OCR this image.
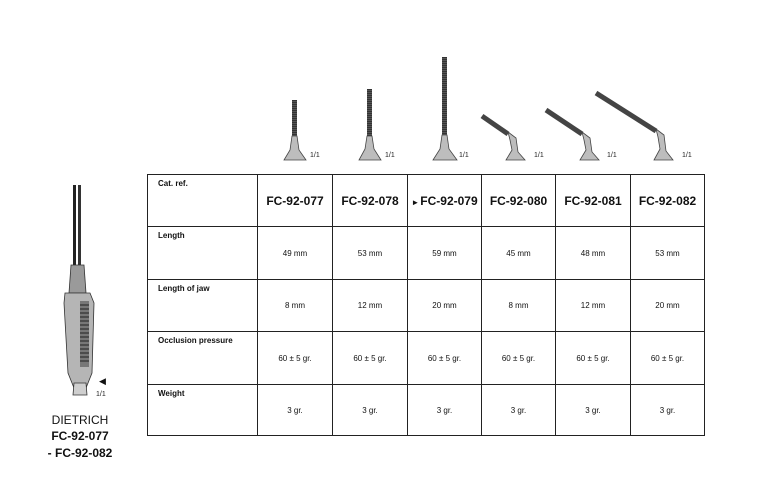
1/1	1/1	1/1	1/1	1/1	1/1
◀
1/1
DIETRICH
FC-92-077
- FC-92-082
Cat. ref.	FC-92-077	FC-92-078	►FC-92-079	FC-92-080	FC-92-081	FC-92-082
Length	49 mm	53 mm	59 mm	45 mm	48 mm	53 mm
Length of jaw	8 mm	12 mm	20 mm	8 mm	12 mm	20 mm
Occlusion pressure	60 ± 5 gr.	60 ± 5 gr.	60 ± 5 gr.	60 ± 5 gr.	60 ± 5 gr.	60 ± 5 gr.
Weight	3 gr.	3 gr.	3 gr.	3 gr.	3 gr.	3 gr.
